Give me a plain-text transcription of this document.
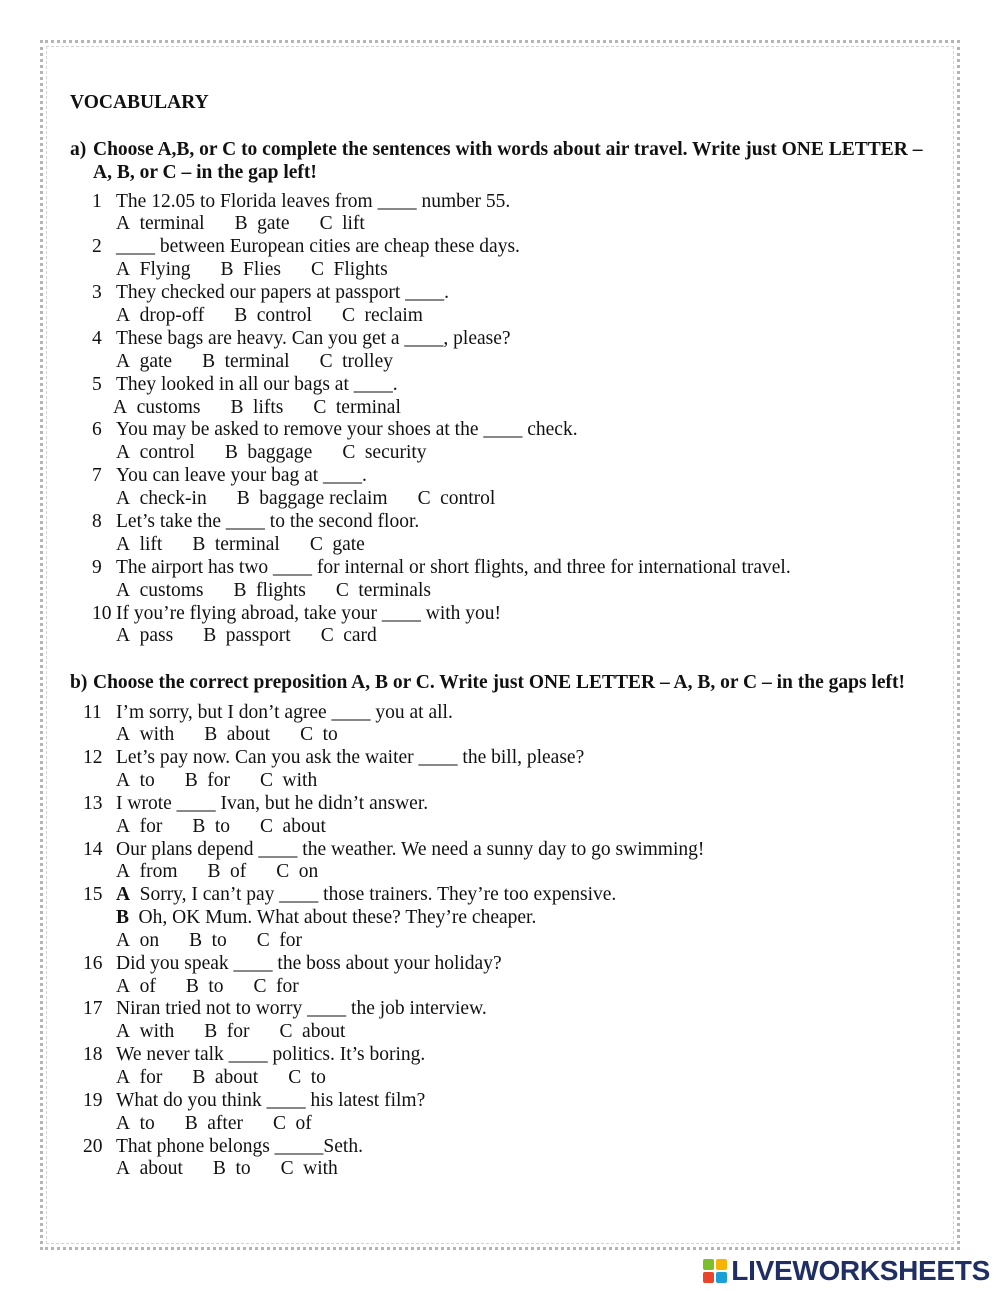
VOCABULARY
a) Choose A,B, or C to complete the sentences with words about air travel. Write just ONE LETTER – A, B, or C – in the gap left!
1 The 12.05 to Florida leaves from ____ number 55.
A terminal B gate C lift
2 ____ between European cities are cheap these days.
A Flying B Flies C Flights
3 They checked our papers at passport ____.
A drop-off B control C reclaim
4 These bags are heavy. Can you get a ____, please?
A gate B terminal C trolley
5 They looked in all our bags at ____.
A customs B lifts C terminal
6 You may be asked to remove your shoes at the ____ check.
A control B baggage C security
7 You can leave your bag at ____.
A check-in B baggage reclaim C control
8 Let’s take the ____ to the second floor.
A lift B terminal C gate
9 The airport has two ____ for internal or short flights, and three for international travel.
A customs B flights C terminals
10 If you’re flying abroad, take your ____ with you!
A pass B passport C card
b) Choose the correct preposition A, B or C. Write just ONE LETTER – A, B, or C – in the gaps left!
11 I’m sorry, but I don’t agree ____ you at all.
A with B about C to
12 Let’s pay now. Can you ask the waiter ____ the bill, please?
A to B for C with
13 I wrote ____ Ivan, but he didn’t answer.
A for B to C about
14 Our plans depend ____ the weather. We need a sunny day to go swimming!
A from B of C on
15 A Sorry, I can’t pay ____ those trainers. They’re too expensive.
B Oh, OK Mum. What about these? They’re cheaper.
A on B to C for
16 Did you speak ____ the boss about your holiday?
A of B to C for
17 Niran tried not to worry ____ the job interview.
A with B for C about
18 We never talk ____ politics. It’s boring.
A for B about C to
19 What do you think ____ his latest film?
A to B after C of
20 That phone belongs _____Seth.
A about B to C with
LIVEWORKSHEETS
